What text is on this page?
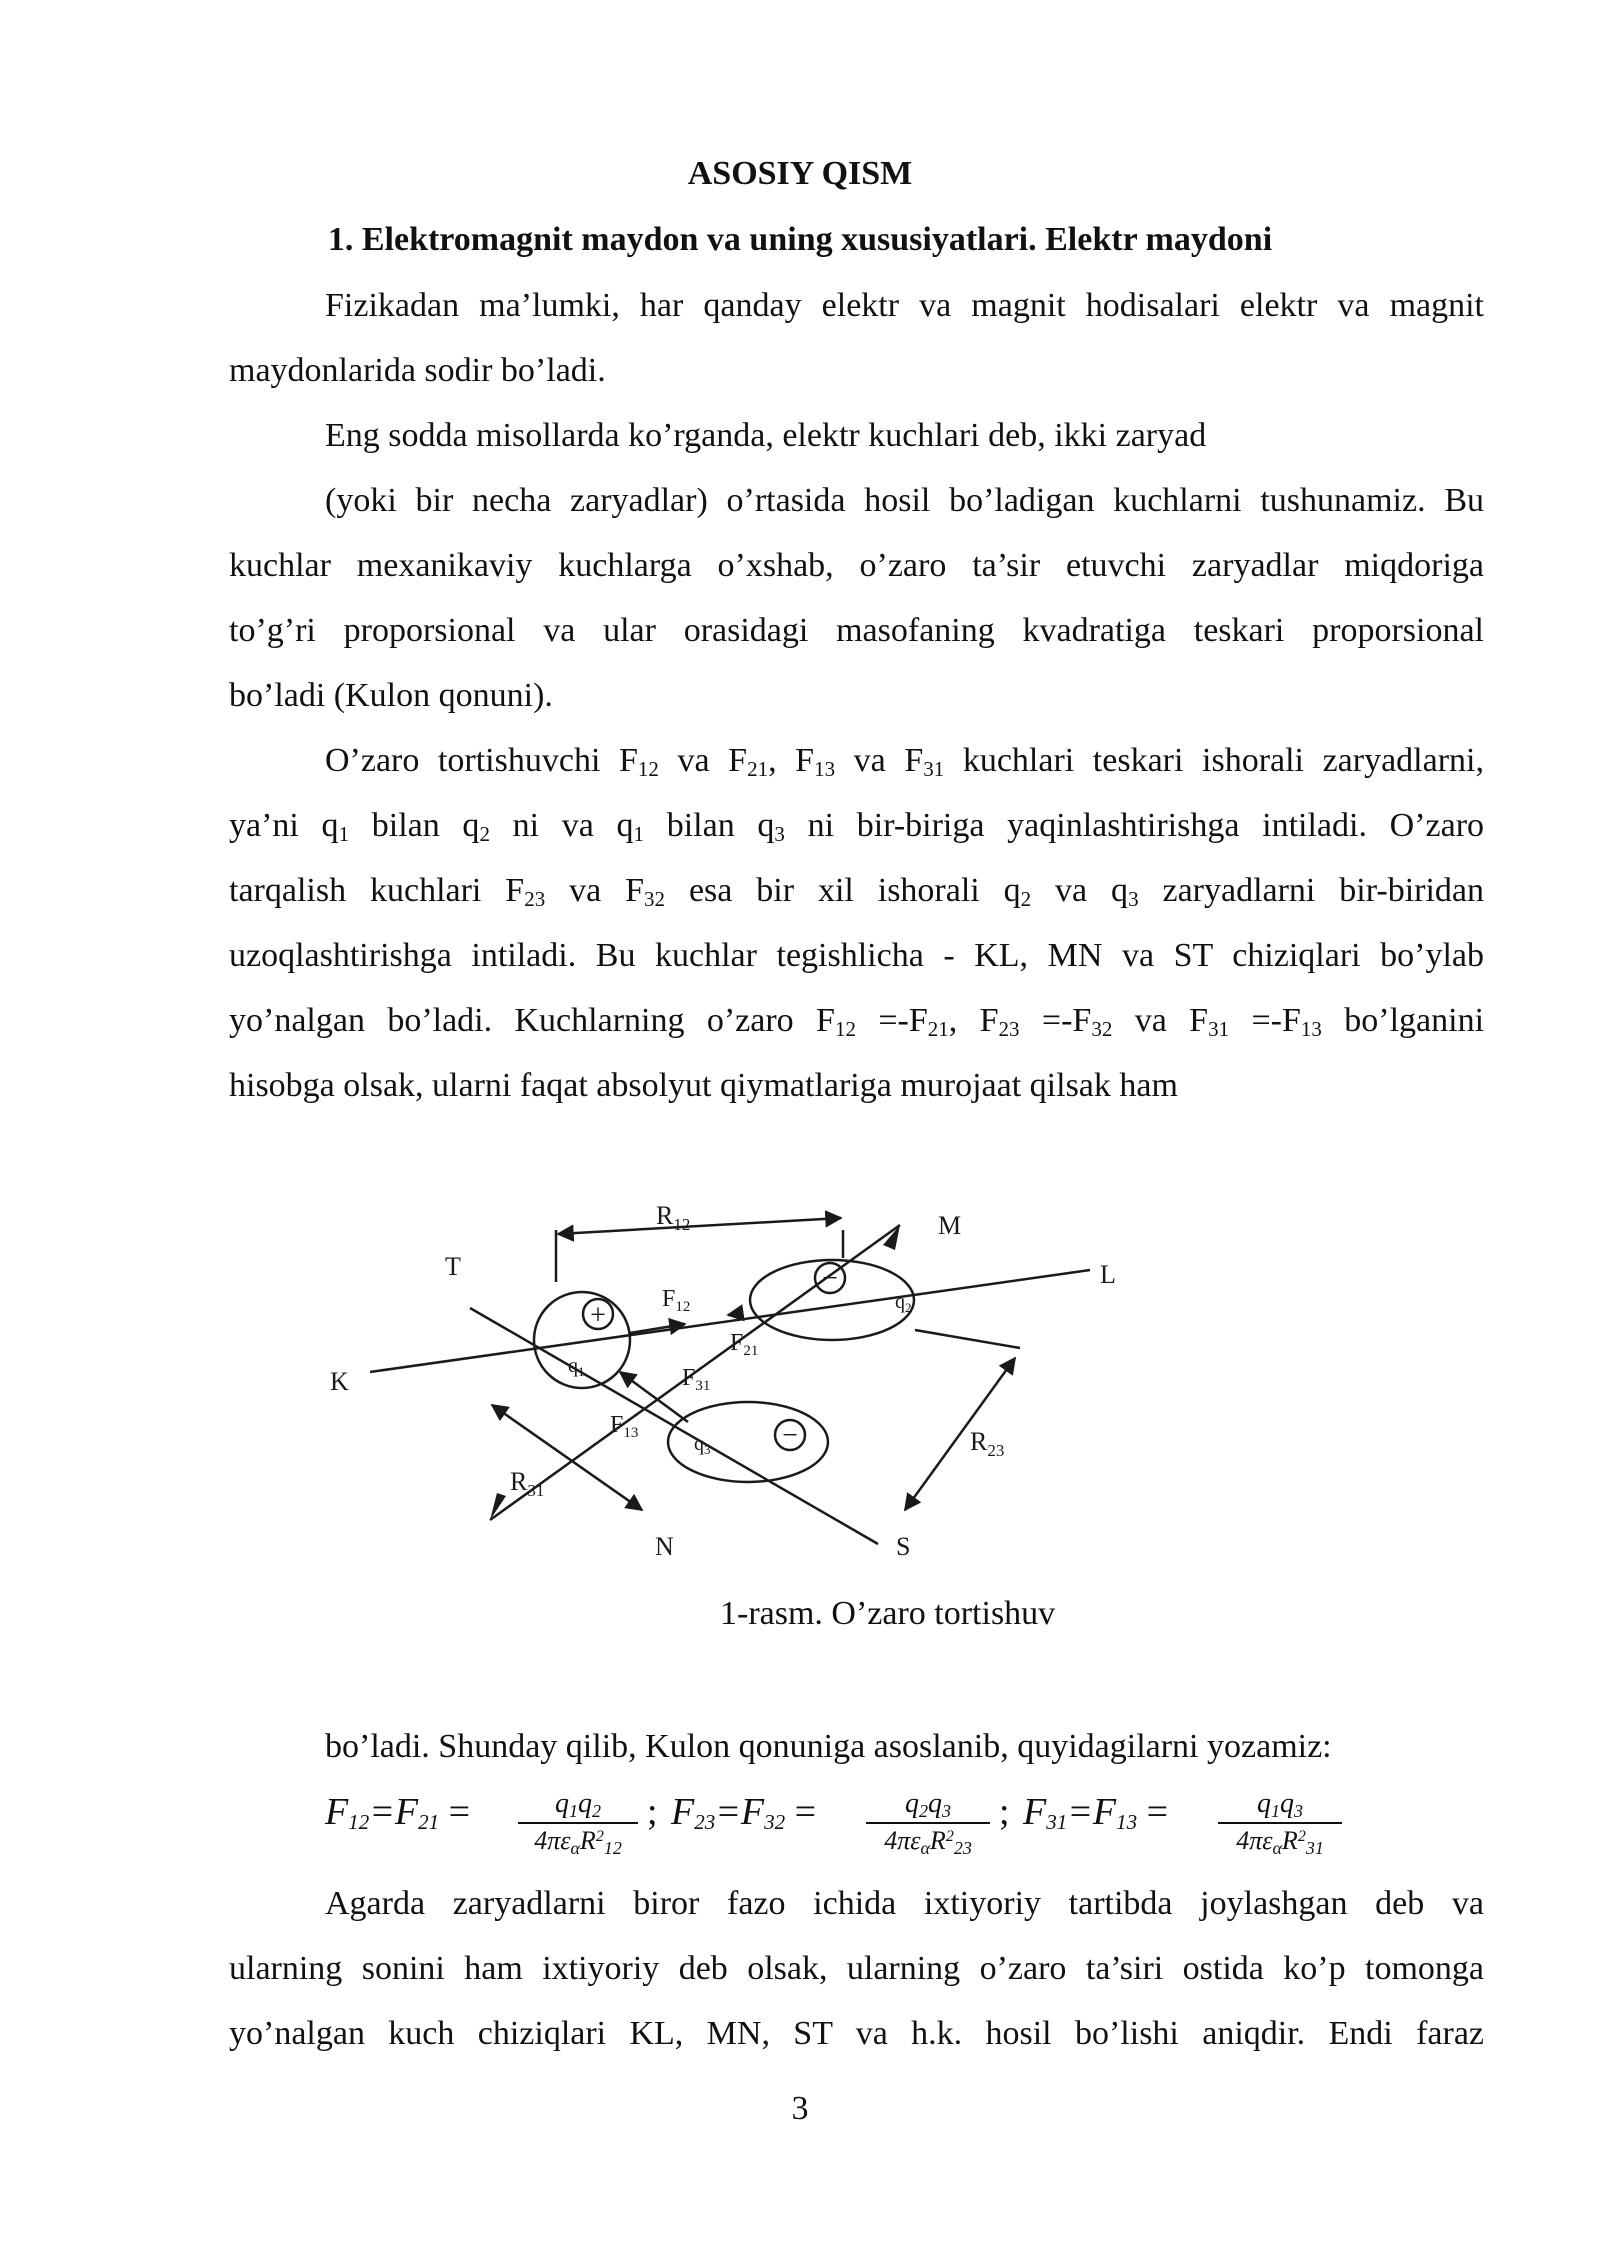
ASOSIY QISM
1. Elektromagnit maydon va uning xususiyatlari. Elektr maydoni
Fizikadan ma’lumki, har qanday elektr va magnit hodisalari elektr va magnit
maydonlarida sodir bo’ladi.
Eng sodda misollarda ko’rganda, elektr kuchlari deb, ikki zaryad
(yoki bir necha zaryadlar) o’rtasida hosil bo’ladigan kuchlarni tushunamiz. Bu
kuchlar mexanikaviy kuchlarga o’xshab, o’zaro ta’sir etuvchi zaryadlar miqdoriga
to’g’ri proporsional va ular orasidagi masofaning kvadratiga teskari proporsional
bo’ladi (Kulon qonuni).
O’zaro tortishuvchi $F_{12}$ va $F_{21}$, $F_{13}$ va $F_{31}$ kuchlari teskari ishorali zaryadlarni,
ya’ni $q_1$ bilan $q_2$ ni va $q_1$ bilan $q_3$ ni bir-biriga yaqinlashtirishga intiladi. O’zaro
tarqalish kuchlari $F_{23}$ va $F_{32}$ esa bir xil ishorali $q_2$ va $q_3$ zaryadlarni bir-biridan
uzoqlashtirishga intiladi. Bu kuchlar tegishlicha - KL, MN va ST chiziqlari bo’ylab
yo’nalgan bo’ladi. Kuchlarning o’zaro $F_{12} =-F_{21}$, $F_{23} =-F_{32}$ va $F_{31} =-F_{13}$ bo’lganini
hisobga olsak, ularni faqat absolyut qiymatlariga murojaat qilsak ham
+
−
−
T
K
M
L
N	S
$R_{12}$
$R_{23}$
$R_{31}$
$F_{12}$
$F_{21}$
$F_{31}$
$F_{13}$
$q_1$
$q_2$
$q_3$
1-rasm. O’zaro tortishuv
bo’ladi. Shunday qilib, Kulon qonuniga asoslanib, quyidagilarni yozamiz:
$F_{12}=F_{21}$ =	$q_1q_2$
$4\pi\varepsilon_\alpha R^2_{12}$
; $F_{23}=F_{32}$ =	$q_2q_3$
$4\pi\varepsilon_\alpha R^2_{23}$
; $F_{31}=F_{13}$ =	$q_1q_3$
$4\pi\varepsilon_\alpha R^2_{31}$
Agarda zaryadlarni biror fazo ichida ixtiyoriy tartibda joylashgan deb va
ularning sonini ham ixtiyoriy deb olsak, ularning o’zaro ta’siri ostida ko’p tomonga
yo’nalgan kuch chiziqlari KL, MN, ST va h.k. hosil bo’lishi aniqdir. Endi faraz
3
